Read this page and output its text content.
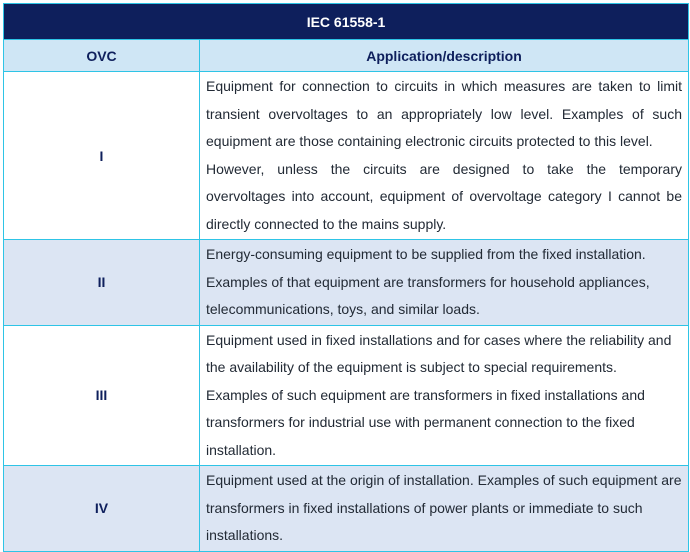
IEC 61558-1	
OVC	Application/description
I	Equipment for connection to circuits in which measures are taken to limit transient overvoltages to an appropriately low level. Examples of such equipment are those containing electronic circuits protected to this level.
However, unless the circuits are designed to take the temporary overvoltages into account, equipment of overvoltage category I cannot be directly connected to the mains supply.

II	Energy-consuming equipment to be supplied from the fixed installation.
Examples of that equipment are transformers for household appliances, telecommunications, toys, and similar loads.

III	Equipment used in fixed installations and for cases where the reliability and the availability of the equipment is subject to special requirements.
Examples of such equipment are transformers in fixed installations and transformers for industrial use with permanent connection to the fixed installation.

IV	Equipment used at the origin of installation. Examples of such equipment are transformers in fixed installations of power plants or immediate to such installations.
